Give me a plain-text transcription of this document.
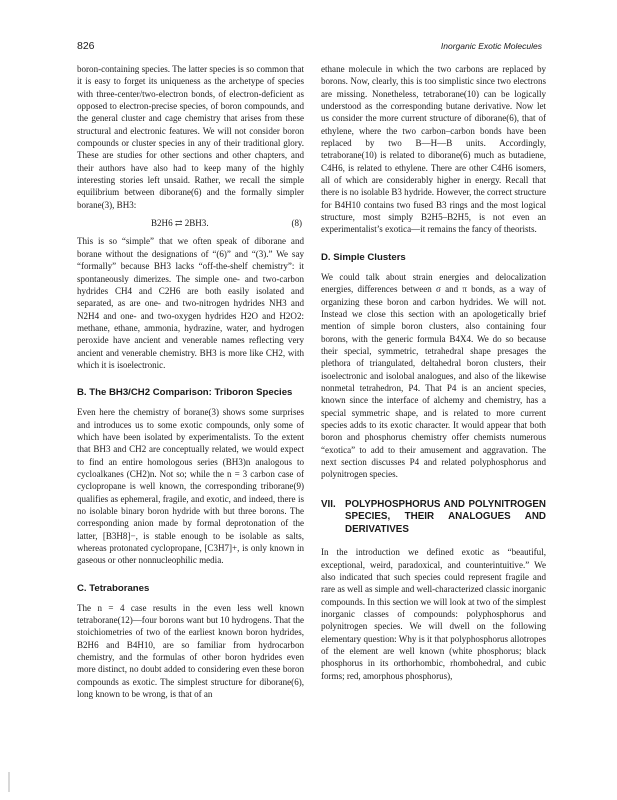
826	Inorganic Exotic Molecules

boron-containing species. The latter species is so common that it is easy to forget its uniqueness as the archetype of species with three-center/two-electron bonds, of electron-deficient as opposed to electron-precise species, of boron compounds, and the general cluster and cage chemistry that arises from these structural and electronic features. We will not consider boron compounds or cluster species in any of their traditional glory. These are studies for other sections and other chapters, and their authors have also had to keep many of the highly interesting stories left unsaid. Rather, we recall the simple equilibrium between diborane(6) and the formally simpler borane(3), BH3:

B2H6 ⇄ 2BH3.	(8)

This is so “simple” that we often speak of diborane and borane without the designations of “(6)” and “(3).” We say “formally” because BH3 lacks “off-the-shelf chemistry”: it spontaneously dimerizes. The simple one- and two-carbon hydrides CH4 and C2H6 are both easily isolated and separated, as are one- and two-nitrogen hydrides NH3 and N2H4 and one- and two-oxygen hydrides H2O and H2O2: methane, ethane, ammonia, hydrazine, water, and hydrogen peroxide have ancient and venerable names reflecting very ancient and venerable chemistry. BH3 is more like CH2, with which it is isoelectronic.

B. The BH3/CH2 Comparison: Triboron Species

Even here the chemistry of borane(3) shows some surprises and introduces us to some exotic compounds, only some of which have been isolated by experimentalists. To the extent that BH3 and CH2 are conceptually related, we would expect to find an entire homologous series (BH3)n analogous to cycloalkanes (CH2)n. Not so; while the n = 3 carbon case of cyclopropane is well known, the corresponding triborane(9) qualifies as ephemeral, fragile, and exotic, and indeed, there is no isolable binary boron hydride with but three borons. The corresponding anion made by formal deprotonation of the latter, [B3H8]−, is stable enough to be isolable as salts, whereas protonated cyclopropane, [C3H7]+, is only known in gaseous or other nonnucleophilic media.

C. Tetraboranes

The n = 4 case results in the even less well known tetraborane(12)—four borons want but 10 hydrogens. That the stoichiometries of two of the earliest known boron hydrides, B2H6 and B4H10, are so familiar from hydrocarbon chemistry, and the formulas of other boron hydrides even more distinct, no doubt added to considering even these boron compounds as exotic. The simplest structure for diborane(6), long known to be wrong, is that of an

ethane molecule in which the two carbons are replaced by borons. Now, clearly, this is too simplistic since two electrons are missing. Nonetheless, tetraborane(10) can be logically understood as the corresponding butane derivative. Now let us consider the more current structure of diborane(6), that of ethylene, where the two carbon–carbon bonds have been replaced by two B—H—B units. Accordingly, tetraborane(10) is related to diborane(6) much as butadiene, C4H6, is related to ethylene. There are other C4H6 isomers, all of which are considerably higher in energy. Recall that there is no isolable B3 hydride. However, the correct structure for B4H10 contains two fused B3 rings and the most logical structure, most simply B2H5–B2H5, is not even an experimentalist’s exotica—it remains the fancy of theorists.

D. Simple Clusters

We could talk about strain energies and delocalization energies, differences between σ and π bonds, as a way of organizing these boron and carbon hydrides. We will not. Instead we close this section with an apologetically brief mention of simple boron clusters, also containing four borons, with the generic formula B4X4. We do so because their special, symmetric, tetrahedral shape presages the plethora of triangulated, deltahedral boron clusters, their isoelectronic and isolobal analogues, and also of the likewise nonmetal tetrahedron, P4. That P4 is an ancient species, known since the interface of alchemy and chemistry, has a special symmetric shape, and is related to more current species adds to its exotic character. It would appear that both boron and phosphorus chemistry offer chemists numerous “exotica” to add to their amusement and aggravation. The next section discusses P4 and related polyphosphorus and polynitrogen species.

VII. POLYPHOSPHORUS AND POLYNITROGEN SPECIES, THEIR ANALOGUES AND DERIVATIVES

In the introduction we defined exotic as “beautiful, exceptional, weird, paradoxical, and counterintuitive.” We also indicated that such species could represent fragile and rare as well as simple and well-characterized classic inorganic compounds. In this section we will look at two of the simplest inorganic classes of compounds: polyphosphorus and polynitrogen species. We will dwell on the following elementary question: Why is it that polyphosphorus allotropes of the element are well known (white phosphorus; black phosphorus in its orthorhombic, rhombohedral, and cubic forms; red, amorphous phosphorus),
